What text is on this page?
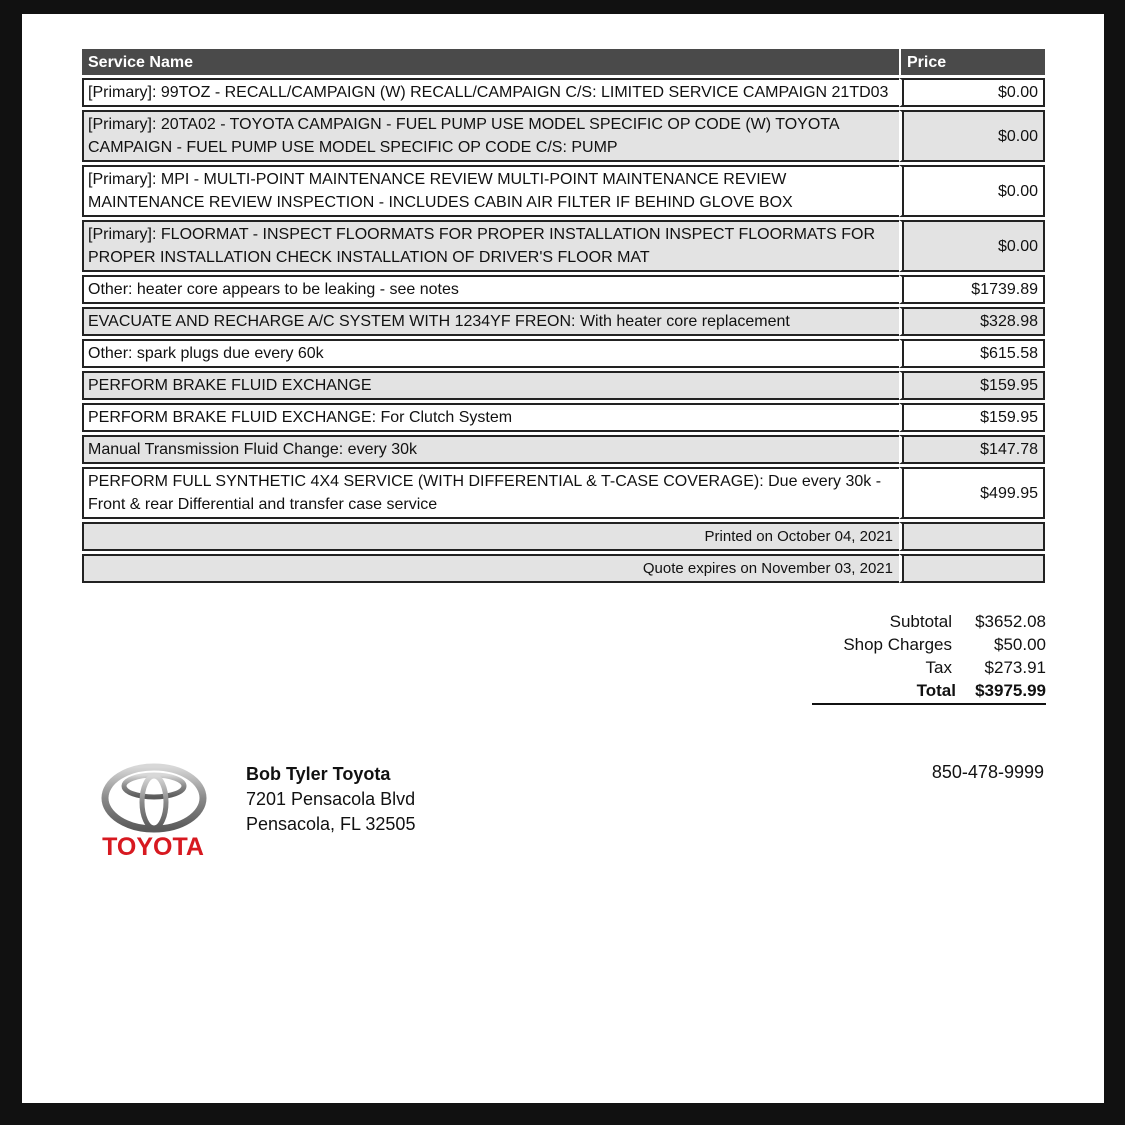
Service Name	Price
[Primary]: 99TOZ - RECALL/CAMPAIGN (W) RECALL/CAMPAIGN C/S: LIMITED SERVICE CAMPAIGN 21TD03	$0.00
[Primary]: 20TA02 - TOYOTA CAMPAIGN - FUEL PUMP USE MODEL SPECIFIC OP CODE (W) TOYOTA CAMPAIGN - FUEL PUMP USE MODEL SPECIFIC OP CODE C/S: PUMP	$0.00
[Primary]: MPI - MULTI-POINT MAINTENANCE REVIEW MULTI-POINT MAINTENANCE REVIEW MAINTENANCE REVIEW INSPECTION - INCLUDES CABIN AIR FILTER IF BEHIND GLOVE BOX	$0.00
[Primary]: FLOORMAT - INSPECT FLOORMATS FOR PROPER INSTALLATION INSPECT FLOORMATS FOR PROPER INSTALLATION CHECK INSTALLATION OF DRIVER'S FLOOR MAT	$0.00
Other: heater core appears to be leaking - see notes	$1739.89
EVACUATE AND RECHARGE A/C SYSTEM WITH 1234YF FREON: With heater core replacement	$328.98
Other: spark plugs due every 60k	$615.58
PERFORM BRAKE FLUID EXCHANGE	$159.95
PERFORM BRAKE FLUID EXCHANGE: For Clutch System	$159.95
Manual Transmission Fluid Change: every 30k	$147.78
PERFORM FULL SYNTHETIC 4X4 SERVICE (WITH DIFFERENTIAL & T-CASE COVERAGE): Due every 30k - Front & rear Differential and transfer case service	$499.95
Printed on October 04, 2021	
Quote expires on November 03, 2021	
Subtotal $3652.08
Shop Charges	$50.00
Tax	$273.91
Total	$3975.99
TOYOTA
Bob Tyler Toyota
7201 Pensacola Blvd
Pensacola, FL 32505
850-478-9999
